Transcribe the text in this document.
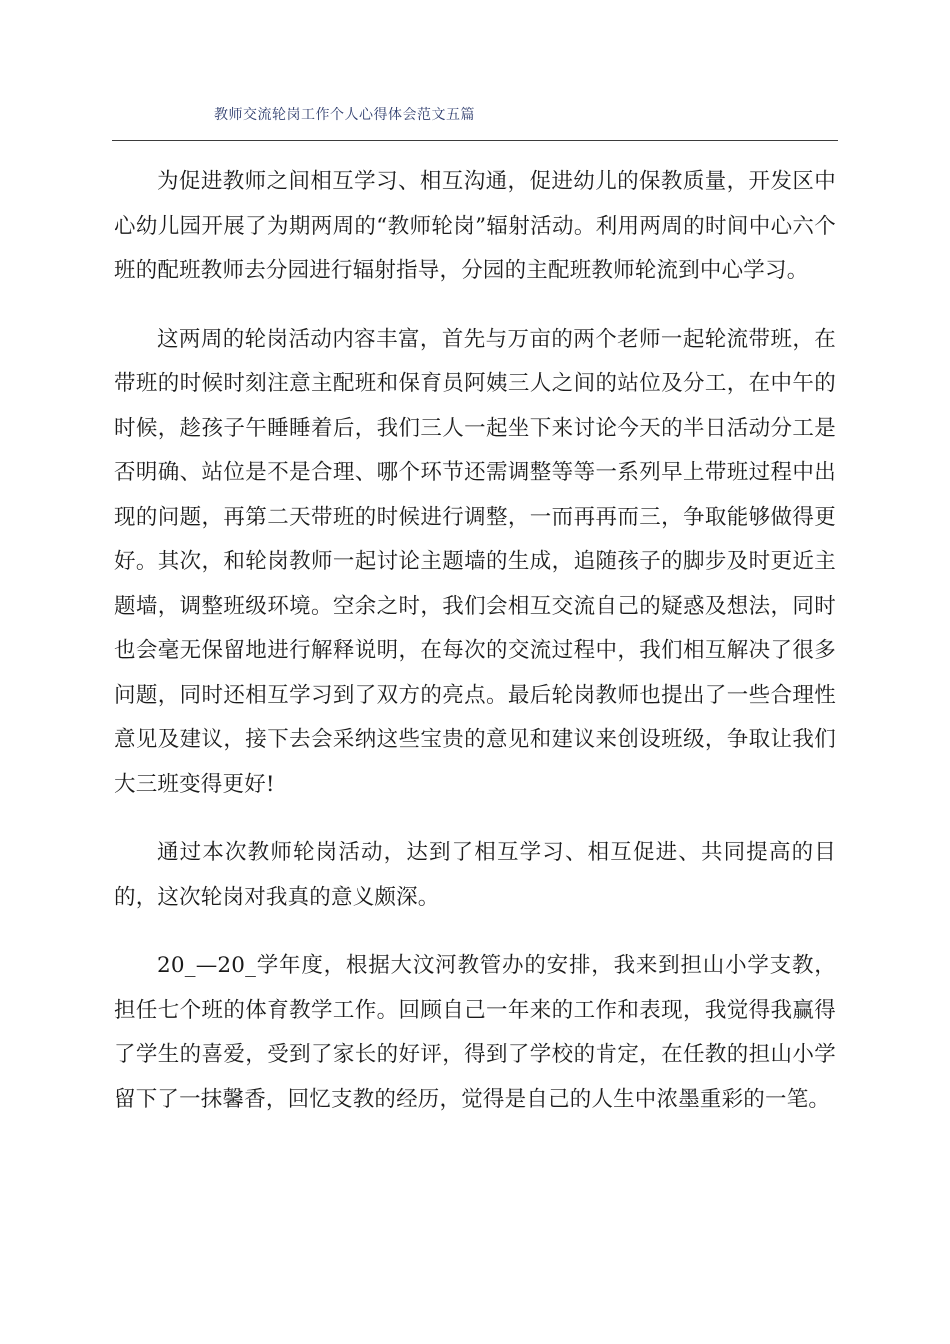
教师交流轮岗工作个人心得体会范文五篇

为促进教师之间相互学习、相互沟通，促进幼儿的保教质量，开发区中心幼儿园开展了为期两周的“教师轮岗”辐射活动。利用两周的时间中心六个班的配班教师去分园进行辐射指导，分园的主配班教师轮流到中心学习。

这两周的轮岗活动内容丰富，首先与万亩的两个老师一起轮流带班，在带班的时候时刻注意主配班和保育员阿姨三人之间的站位及分工，在中午的时候，趁孩子午睡睡着后，我们三人一起坐下来讨论今天的半日活动分工是否明确、站位是不是合理、哪个环节还需调整等等一系列早上带班过程中出现的问题，再第二天带班的时候进行调整，一而再再而三，争取能够做得更好。其次，和轮岗教师一起讨论主题墙的生成，追随孩子的脚步及时更近主题墙，调整班级环境。空余之时，我们会相互交流自己的疑惑及想法，同时也会毫无保留地进行解释说明，在每次的交流过程中，我们相互解决了很多问题，同时还相互学习到了双方的亮点。最后轮岗教师也提出了一些合理性意见及建议，接下去会采纳这些宝贵的意见和建议来创设班级，争取让我们大三班变得更好!

通过本次教师轮岗活动，达到了相互学习、相互促进、共同提高的目的，这次轮岗对我真的意义颇深。

20_—20_学年度，根据大汶河教管办的安排，我来到担山小学支教，担任七个班的体育教学工作。回顾自己一年来的工作和表现，我觉得我赢得了学生的喜爱，受到了家长的好评，得到了学校的肯定，在任教的担山小学留下了一抹馨香，回忆支教的经历，觉得是自己的人生中浓墨重彩的一笔。
